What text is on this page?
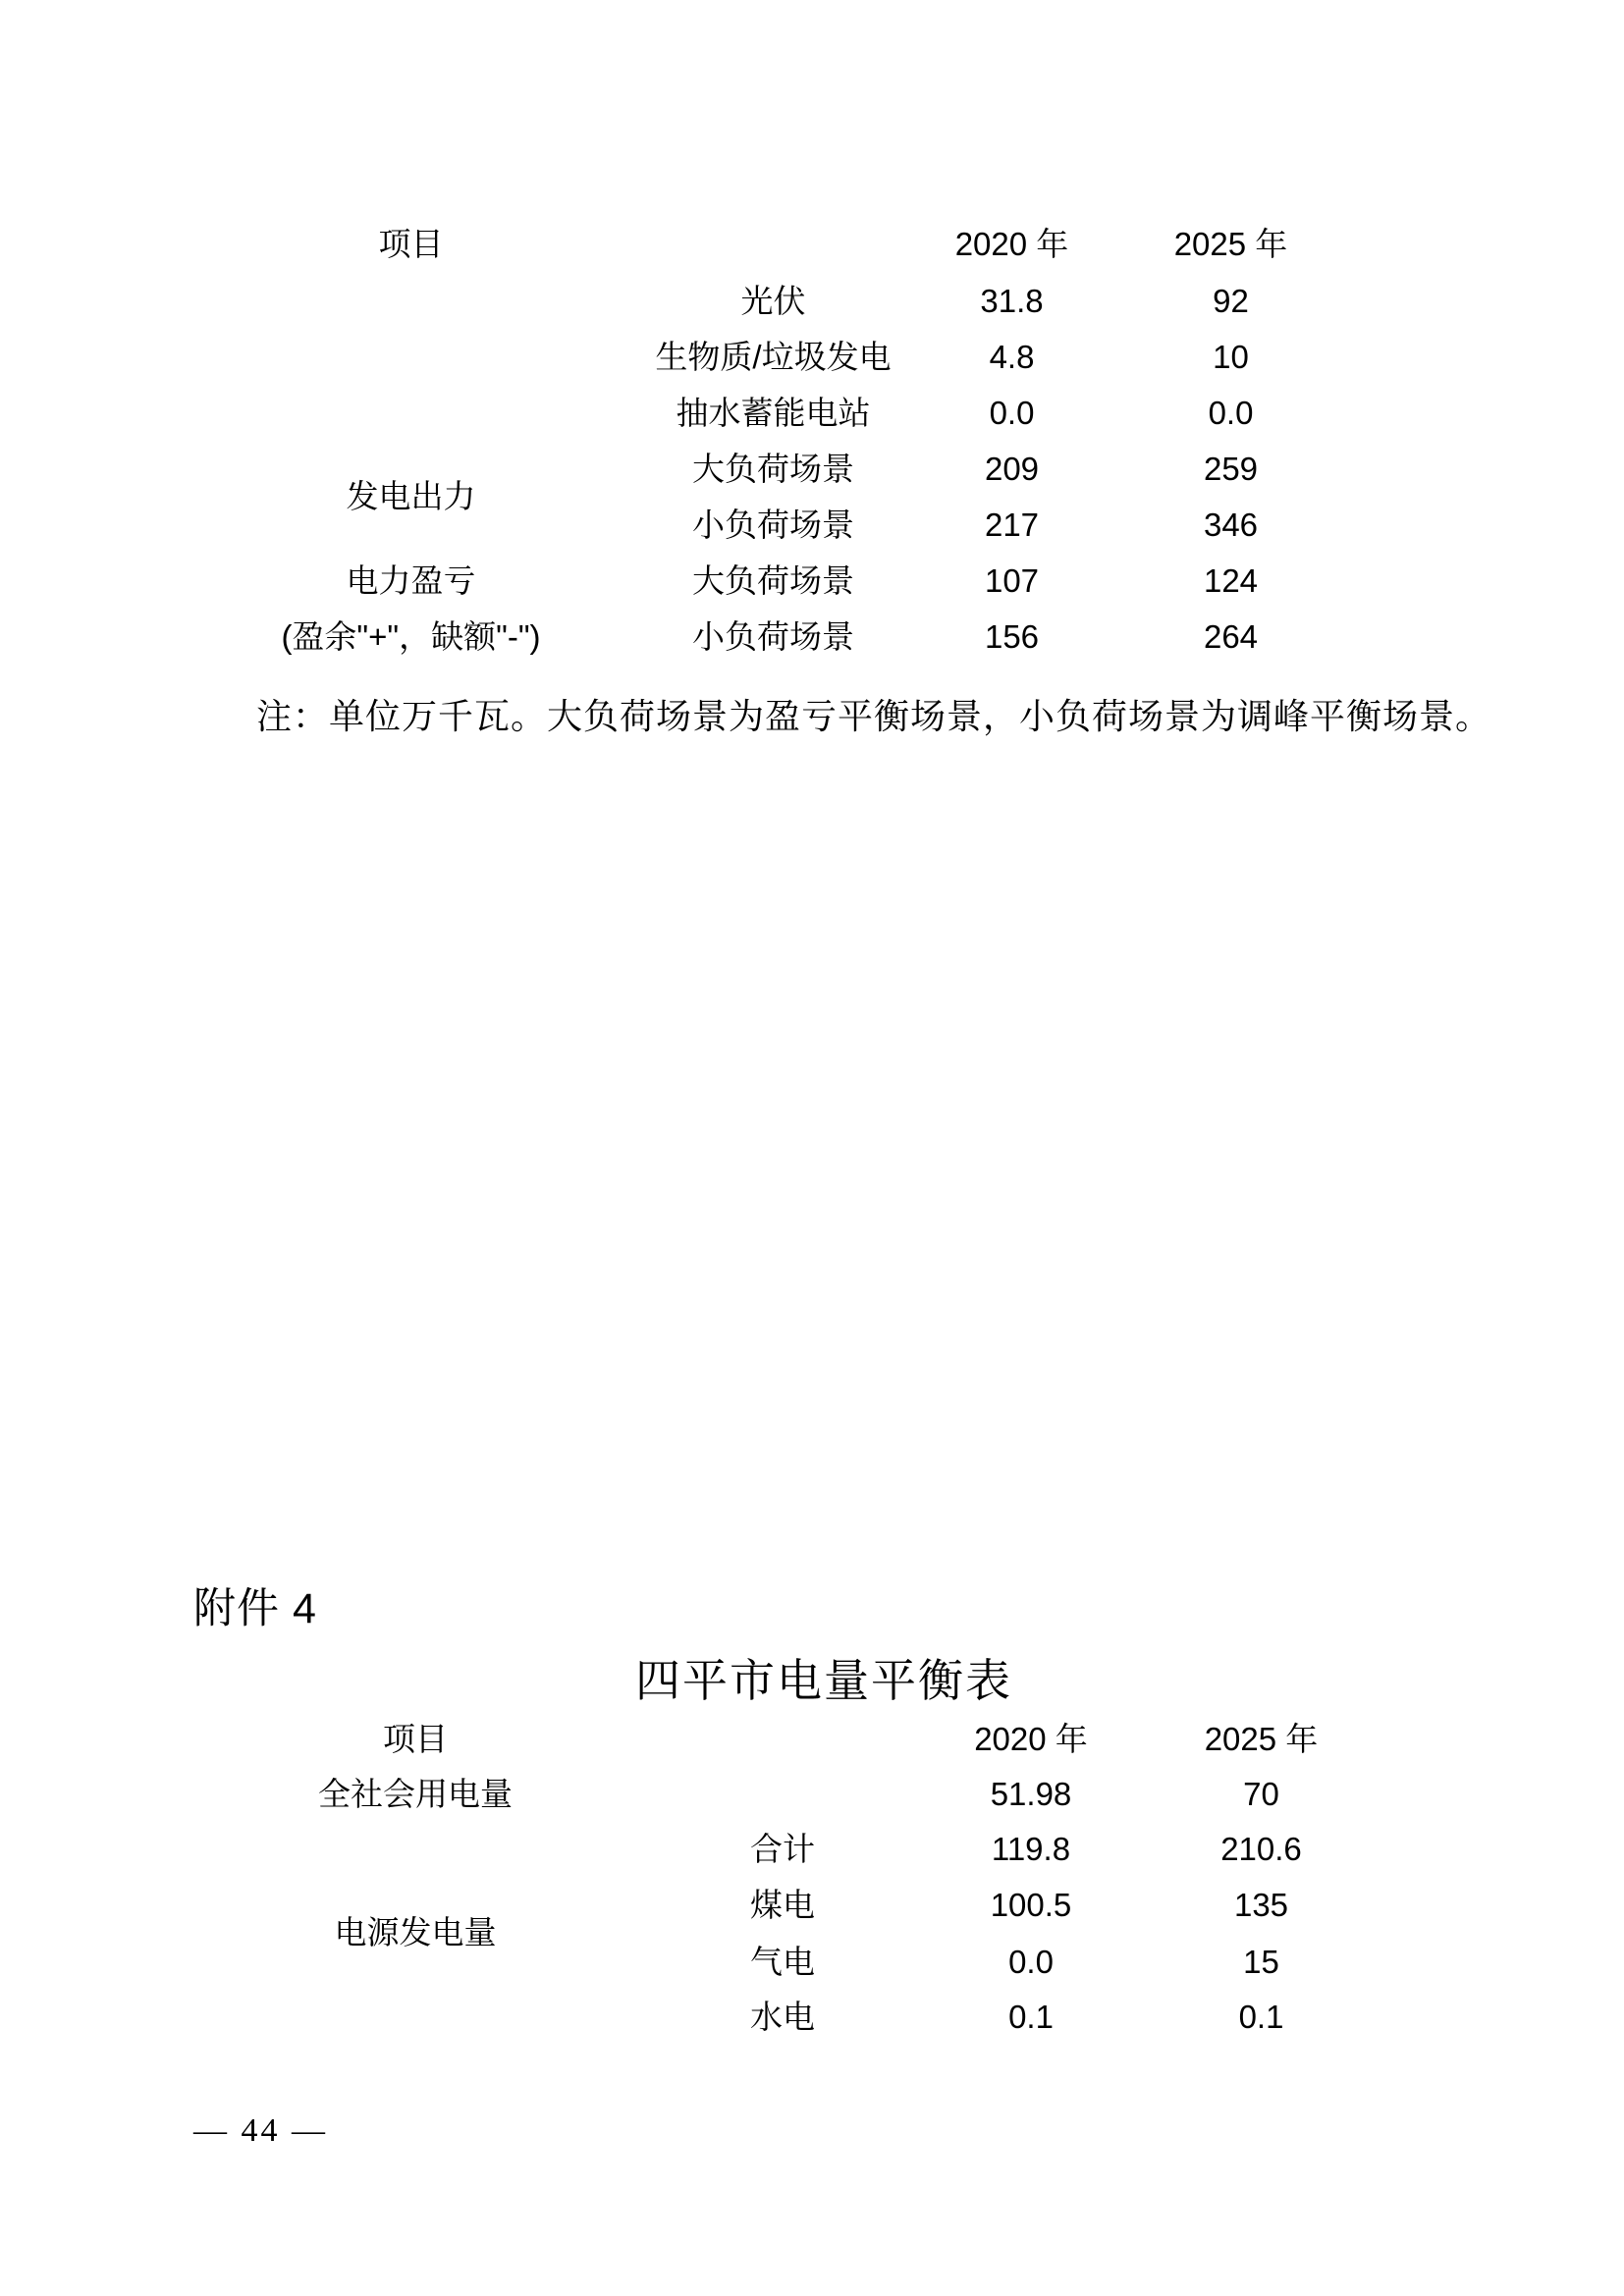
项目		2020 年	2025 年
	光伏	31.8	92
	生物质/垃圾发电	4.8	10
	抽水蓄能电站	0.0	0.0
发电出力	大负荷场景	209	259
	小负荷场景	217	346

电力盈亏
(盈余"+"，缺额"-")	大负荷场景	107	124
	小负荷场景	156	264
注：单位万千瓦。大负荷场景为盈亏平衡场景，小负荷场景为调峰平衡场景。
附件 4
四平市电量平衡表
项目		2020 年	2025 年
全社会用电量		51.98	70
电源发电量	合计	119.8	210.6
	煤电	100.5	135
	气电	0.0	15
	水电	0.1	0.1
— 44 —
